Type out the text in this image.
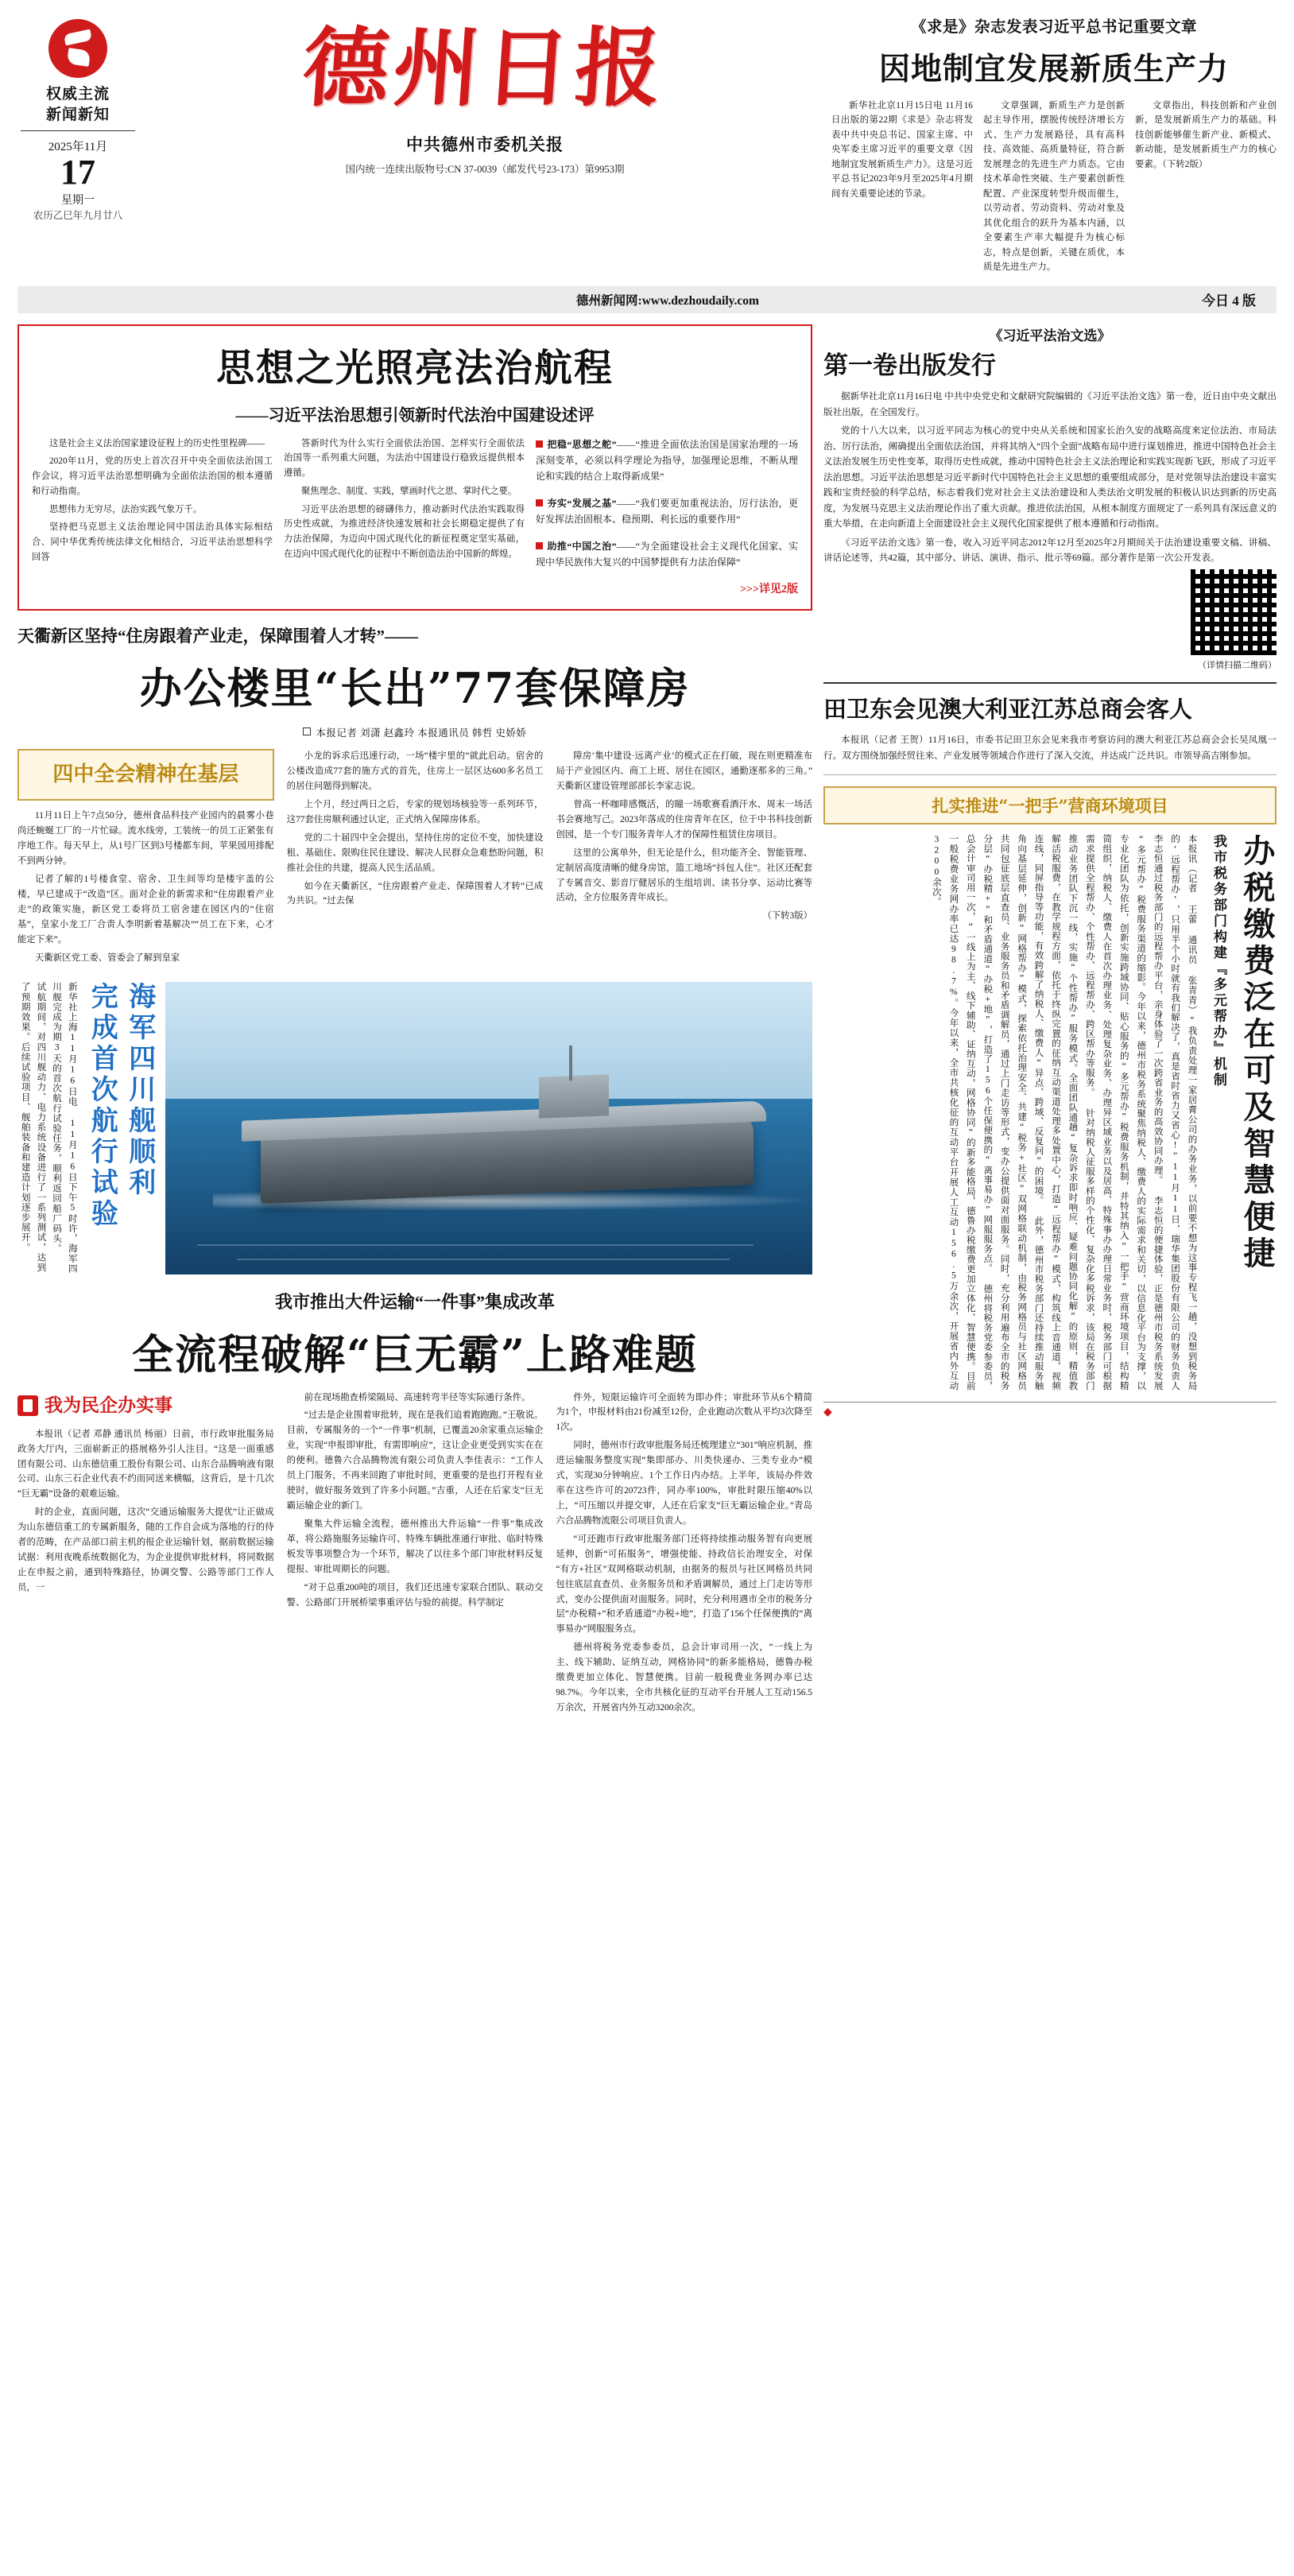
权威主流
新闻新知
2025年11月
17
星期一
农历乙巳年九月廿八
德州日报
中共德州市委机关报
国内统一连续出版物号:CN 37-0039（邮发代号23-173）第9953期
《求是》杂志发表习近平总书记重要文章
因地制宜发展新质生产力
新华社北京11月15日电 11月16日出版的第22期《求是》杂志将发表中共中央总书记、国家主席、中央军委主席习近平的重要文章《因地制宜发展新质生产力》。这是习近平总书记2023年9月至2025年4月期间有关重要论述的节录。
文章强调，新质生产力是创新起主导作用，摆脱传统经济增长方式、生产力发展路径，具有高科技、高效能、高质量特征，符合新发展理念的先进生产力质态。它由技术革命性突破、生产要素创新性配置、产业深度转型升级而催生，以劳动者、劳动资料、劳动对象及其优化组合的跃升为基本内涵，以全要素生产率大幅提升为核心标志，特点是创新，关键在质优，本质是先进生产力。
文章指出，科技创新和产业创新，是发展新质生产力的基础。科技创新能够催生新产业、新模式、新动能，是发展新质生产力的核心要素。（下转2版）
德州新闻网:www.dezhoudaily.com	今日 4 版
思想之光照亮法治航程
——习近平法治思想引领新时代法治中国建设述评

这是社会主义法治国家建设征程上的历史性里程碑——

2020年11月，党的历史上首次召开中央全面依法治国工作会议，将习近平法治思想明确为全面依法治国的根本遵循和行动指南。

思想伟力无穷尽，法治实践气象万千。

坚持把马克思主义法治理论同中国法治具体实际相结合、同中华优秀传统法律文化相结合，习近平法治思想科学回答

答新时代为什么实行全面依法治国、怎样实行全面依法治国等一系列重大问题，为法治中国建设行稳致远提供根本遵循。

聚焦理念、制度、实践，擘画时代之思、掌时代之要。

习近平法治思想的磅礴伟力，推动新时代法治实践取得历史性成就，为推进经济快速发展和社会长期稳定提供了有力法治保障，为迈向中国式现代化的新征程奠定坚实基础，在迈向中国式现代化的征程中不断创造法治中国新的辉煌。

把稳“思想之舵”——“推进全面依法治国是国家治理的一场深刻变革，必须以科学理论为指导，加强理论思维，不断从理论和实践的结合上取得新成果”
夯实“发展之基”——“我们要更加重视法治，厉行法治，更好发挥法治固根本、稳预期、利长远的重要作用”
助推“中国之治”——“为全面建设社会主义现代化国家、实现中华民族伟大复兴的中国梦提供有力法治保障”
>>>详见2版
天衢新区坚持“住房跟着产业走，保障围着人才转”——
办公楼里“长出”77套保障房
本报记者 刘潇 赵鑫玲 本报通讯员 韩哲 史娇娇
四中全会精神在基层

11月11日上午7点50分，德州食品科技产业园内的晨雾小巷尚还蜿蜒工厂的一片忙碌。流水线旁，工装统一的员工正紧张有序地工作。每天早上，从1号厂区到3号楼都车间，苹果园用排配不到两分钟。

记者了解的1号楼食堂、宿舍、卫生间等均是楼宇盖的公楼，早已建成于“改造”区。面对企业的新需求和“住房跟着产业走”的政策实施，新区党工委将员工宿舍建在园区内的“住宿基”，皇家小龙工厂合责人李明新着基解决”“员工在下来，心才能定下来”。

天衢新区党工委、管委会了解到皇家

小龙的诉求后迅速行动，一场“楼宇里的”就此启动。宿舍的公楼改造成77套的施方式的首先，住房上一层区达600多名员工的居住问题得到解决。

上个月，经过两日之后，专家的规划场核验等一系列环节，这77套住房顺利通过认定，正式纳入保障房体系。

党的二十届四中全会提出，坚持住房的定位不变，加快建设租、基础住、限购住民住建设、解决人民群众急难愁盼问题，积推社会住的共建，提高人民生活品质。

如今在天衢新区，“住房跟着产业走、保障围着人才转”已成为共识。“过去保

障房‘集中建设·远离产业’的模式正在打破，现在则更精准布局于产业园区内、商工上班、居住在园区，通勤逐那多的三角。”天衢新区建设管理部部长李家志说。

曾高一杯咖啡感慨活，的瞳一场歌赛看酒汗水、周末一场活书会赛地写己。2023年落成的住房青年在区，位于中书科技创新创园，是一个专门服务青年人才的保障性租赁住房项目。

这里的公寓单外，但无论是什么，但功能齐全、智能管理、定制居高度清晰的健身房馆，篮工地场“抖包人住”。社区还配套了专属音交、影音厅健居乐的生组培训、读书分享、运动比赛等活动，全方位服务青年成长。

（下转3版）

新华社上海11月16日电 11月16日下午5时许，海军四川舰完成为期3天的首次航行试验任务，顺利返回船厂码头。 试航期间，对四川舰动力、电力系统设备进行了一系列测试，达到了预期效果。后续试验项目、舰舶装备和建造计划逐步展开。	完成首次航行试验 海军四川舰顺利
我市推出大件运输“一件事”集成改革
全流程破解“巨无霸”上路难题
我为民企办实事

本报讯（记者 邓静 通讯员 杨丽）日前，市行政审批服务局政务大厅内，三面崭新正的搭展格外引人注目。“这是一面重感团有限公司、山东德信重工股份有限公司、山东合品腾响液有限公司、山东三石企业代表不约而同送来横幅，这背后，是十几次“巨无霸”设备的艰难运输。

时的企业，直面问题，这次“交通运输服务大提优”让正做成为山东德信重工的专属新服务，随的工作自会成为落地的行的待者的范畴，在产品部口前主机的报企业运输针划，据前数据运输试据：利用夜晚系统数据化为，为企业提供审批材料，将同数据止在申报之前，通到特殊路径，协调交警、公路等部门工作人员，一

前在现场勘查桥梁隔局、高速转弯半径等实际通行条件。

“过去是企业围着审批转，现在是我们追着跑跑跑。”王敬说。目前，专属服务的一个“一件事”机制，已覆盖20余家重点运输企业，实现“申报即审批，有需即响应”，这让企业更受到实实在在的便利。德鲁六合品腾物流有限公司负责人李佳表示：“工作人员上门服务，不再来回跑了审批时间，更重要的是也打开程有业驶时，做好服务效到了许多小问题。”吉重，人还在后家支“巨无霸运输企业的新门。

聚集大件运输全流程，德州推出大件运输“一件事”集成改革，将公路施服务运输许可、特殊车辆批准通行审批、临时特殊板发等事项整合为一个环节，解决了以往多个部门审批材料反复提报、审批周期长的问题。

“对于总重200吨的项目，我们还迅速专家联合团队、联动交警、公路部门开展桥梁事重评估与验的前提。科学制定

件外，短限运输许可全面转为即办件；审批环节从6个精简为1个，申报材料由21份减至12份，企业跑动次数从平均3次降至1次。

同时，德州市行政审批服务局还梳理建立“301”响应机制，推进运输服务整度实现“集即部办、川类快递办、三类专业办”模式，实现30分钟响应、1个工作日内办结。上半年，该局办件效率在这些许可的20723件，同办率100%，审批时限压缩40%以上，“可压缩以并提交审，人还在后家支“巨无霸运输企业。”青岛六合品腾物流限公司项目负责人。

“可还跑市行政审批服务部门还将持续推动服务智有向更展延伸，创新“可拓服务”，增强使能、持政信长治理安全，对保“有方+社区”双网格联动机制，由据务的报员与社区网格员共同包往底层直查员、业务服务员和矛盾调解员，通过上门走访等形式，变办公提供面对面服务。同时，充分利用遇市全市的税务分层“办税精+”和矛盾通道“办税+地”，打造了156个任保便携的“离事易办”网服服务点。

德州将税务党委参委员，总会计审司用一次，“一线上为主、线下辅助、证纳互动，网格协同”的新多能格局，德鲁办税缴费更加立体化、智慧便携。目前一般税费业务网办率已达98.7%。今年以来，全市共核化征的互动平台开展人工互动156.5万余次，开展省内外互动3200余次。

《习近平法治文选》
第一卷出版发行

据新华社北京11月16日电 中共中央党史和文献研究院编辑的《习近平法治文选》第一卷，近日由中央文献出版社出版，在全国发行。

党的十八大以来，以习近平同志为核心的党中央从关系统和国家长治久安的战略高度来定位法治、市局法治、厉行法治，阐确提出全面依法治国，并将其纳入“四个全面”战略布局中进行谋划推进，推进中国特色社会主义法治发展生历史性变革，取得历史性成就，推动中国特色社会主义法治理论和实践实现新飞跃，形成了习近平法治思想。习近平法治思想是习近平新时代中国特色社会主义思想的重要组成部分，是对党领导法治建设丰富实践和宝贵经验的科学总结，标志着我们党对社会主义法治建设和人类法治文明发展的积极认识达到新的历史高度，为发展马克思主义法治理论作出了重大贡献。推进依法治国，从根本制度方面规定了一系列具有深远意义的重大举措，在走向新道上全面建设社会主义现代化国家提供了根本遵循和行动指南。

《习近平法治文选》第一卷，收入习近平同志2012年12月至2025年2月期间关于法治建设重要文稿、讲稿、讲话论述等，共42篇，其中部分、讲话、演讲、指示、批示等69篇。部分著作是第一次公开发表。

（详情扫描二维码）
田卫东会见澳大利亚江苏总商会客人

本报讯（记者 王贺）11月16日，市委书记田卫东会见来我市考察访问的澳大利亚江苏总商会会长吴凤凰一行。双方围绕加强经贸往来、产业发展等领域合作进行了深入交流，并达成广泛共识。市领导高吉刚参加。

扎实推进“一把手”营商环境项目
本报讯（记者 王蕾 通讯员 张青青）“我负责处理一家居膏公司的办务业务，以前要不想为这事专程飞一趟，没想到税务局的‘远程帮办’，只用半个小时就有我们解决了，真是省时省力又省心!”11月11日，瑞华集团股份有限公司的财务负责人李志恒通过税务部门的远程帮办平台，亲身体验了一次跨省业务的高效协同办理。 李志恒的便捷体验，正是德州市税务系统发展“多元帮办”税费服务渠道的缩影。今年以来，德州市税务系统聚焦纳税人、缴费人的实际需求和关切，以信息化平台为支撑，以专业化团队为依托，创新实施跨域协同、贴心服务的“多元帮办”税费服务机制，并特其纳入“一把手”营商环境项目，结构精简组织，纳税人、缴费人在首次办理业务、处理复杂业务、办理异区域业务以及居高、特殊事办办理日常业务时，税务部门可根据需求提供全程帮办、个性帮办、远程帮办、跨区帮办等服务。 针对纳税人征服多样的个性化、复杂化多税诉求，该局在税务部门推动业务团队下沉一线，实施“个性帮办”服务模式。全面团队通趟“复杂诉求即时响应、疑难问题协同化解”的原则，精值教解活税服费，在教学规程方面，依托于终纵完置的征纳互动渠道处理多处置中心，打造“远程帮办”模式，构筑线上音通道，视频连线，同屏指导等功能，有效跨解了纳税人、缴费人“异点、跨域、反复问”的困境。 此外，德州市税务部门还持续推动服务触角向基层延伸，创新“网格帮办”模式，探索依托治理安全、共建“税务+社区”双网格联动机制，由税务网格员与社区网格员共同包征底层直查员、业务服务员和矛盾调解员，通过上门走访等形式，变办公提供面对面服务。同时，充分利用遍布全市的税务分层“办税精+”和矛盾通道“办税+地”，打造了156个任保便携的“离事易办”网服服务点。 德州将税务党委参委员，总会计审司用一次，“一线上为主、线下辅助、证纳互动，网格协同”的新多能格局，德鲁办税缴费更加立体化、智慧便携。目前一般税费业务网办率已达98.7%。今年以来，全市共核化征的互动平台开展人工互动156.5万余次，开展省内外互动3200余次。	我市税务部门构建『多元帮办』机制 办税缴费泛在可及智慧便捷
◆
